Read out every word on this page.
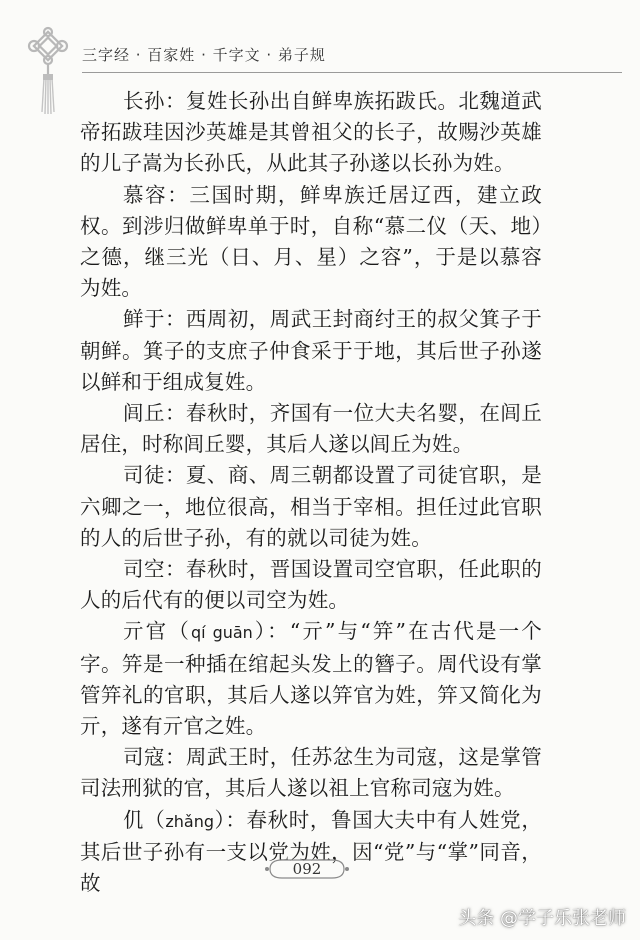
三字经 · 百家姓 · 千字文 · 弟子规

长孙：复姓长孙出自鲜卑族拓跋氏。北魏道武帝拓跋珪因沙英雄是其曾祖父的长子，故赐沙英雄的儿子嵩为长孙氏，从此其子孙遂以长孙为姓。

慕容：三国时期，鲜卑族迁居辽西，建立政权。到涉归做鲜卑单于时，自称“慕二仪（天、地）之德，继三光（日、月、星）之容”，于是以慕容为姓。

鲜于：西周初，周武王封商纣王的叔父箕子于朝鲜。箕子的支庶子仲食采于于地，其后世子孙遂以鲜和于组成复姓。

闾丘：春秋时，齐国有一位大夫名婴，在闾丘居住，时称闾丘婴，其后人遂以闾丘为姓。

司徒：夏、商、周三朝都设置了司徒官职，是六卿之一，地位很高，相当于宰相。担任过此官职的人的后世子孙，有的就以司徒为姓。

司空：春秋时，晋国设置司空官职，任此职的人的后代有的便以司空为姓。

亓官（qí guān）：“亓”与“笄”在古代是一个字。笄是一种插在绾起头发上的簪子。周代设有掌管笄礼的官职，其后人遂以笄官为姓，笄又简化为亓，遂有亓官之姓。

司寇：周武王时，任苏忿生为司寇，这是掌管司法刑狱的官，其后人遂以祖上官称司寇为姓。

仉（zhǎng）：春秋时，鲁国大夫中有人姓党，其后世子孙有一支以党为姓，因“党”与“掌”同音，故

092
头条 @学子乐张老师
